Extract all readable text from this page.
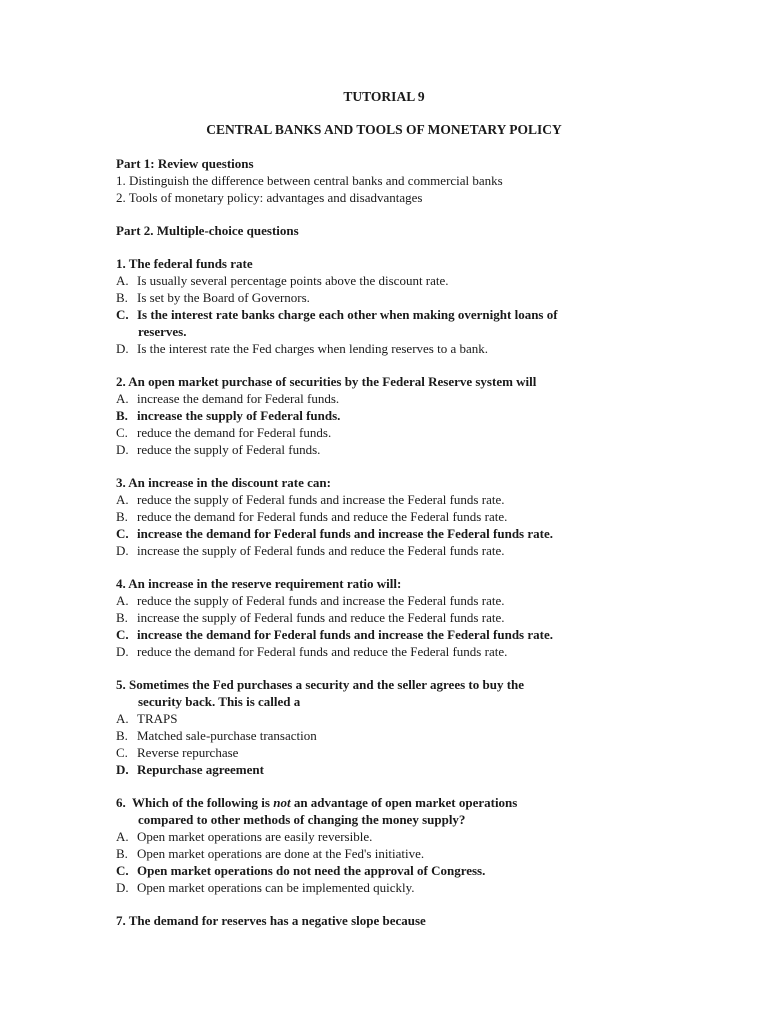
TUTORIAL 9
CENTRAL BANKS AND TOOLS OF MONETARY POLICY
Part 1: Review questions
1. Distinguish the difference between central banks and commercial banks
2. Tools of monetary policy: advantages and disadvantages
Part 2. Multiple-choice questions
1. The federal funds rate
A. Is usually several percentage points above the discount rate.
B. Is set by the Board of Governors.
C. Is the interest rate banks charge each other when making overnight loans of
reserves.
D. Is the interest rate the Fed charges when lending reserves to a bank.
2. An open market purchase of securities by the Federal Reserve system will
A. increase the demand for Federal funds.
B. increase the supply of Federal funds.
C. reduce the demand for Federal funds.
D. reduce the supply of Federal funds.
3. An increase in the discount rate can:
A. reduce the supply of Federal funds and increase the Federal funds rate.
B. reduce the demand for Federal funds and reduce the Federal funds rate.
C. increase the demand for Federal funds and increase the Federal funds rate.
D. increase the supply of Federal funds and reduce the Federal funds rate.
4. An increase in the reserve requirement ratio will:
A. reduce the supply of Federal funds and increase the Federal funds rate.
B. increase the supply of Federal funds and reduce the Federal funds rate.
C. increase the demand for Federal funds and increase the Federal funds rate.
D. reduce the demand for Federal funds and reduce the Federal funds rate.
5. Sometimes the Fed purchases a security and the seller agrees to buy the
security back. This is called a
A. TRAPS
B. Matched sale-purchase transaction
C. Reverse repurchase
D. Repurchase agreement
6.  Which of the following is not an advantage of open market operations
compared to other methods of changing the money supply?
A. Open market operations are easily reversible.
B. Open market operations are done at the Fed's initiative.
C. Open market operations do not need the approval of Congress.
D. Open market operations can be implemented quickly.
7. The demand for reserves has a negative slope because
